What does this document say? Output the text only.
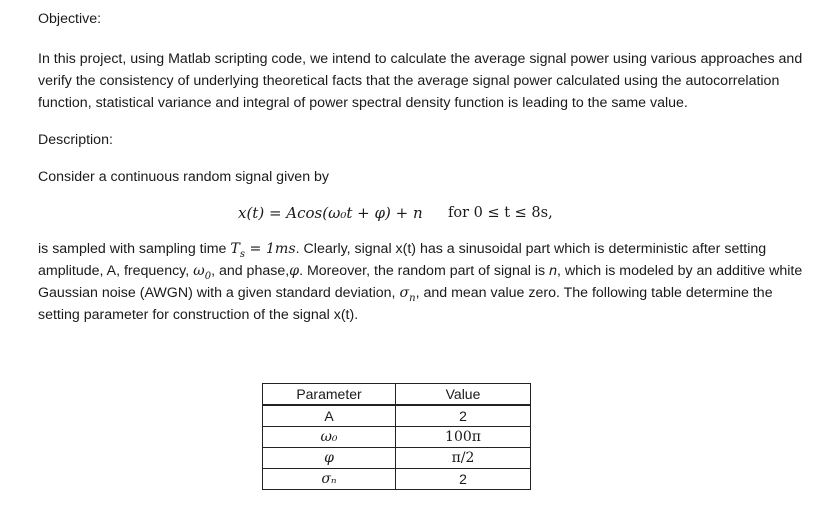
Objective:

In this project, using Matlab scripting code, we intend to calculate the average signal power using various approaches and verify the consistency of underlying theoretical facts that the average signal power calculated using the autocorrelation function, statistical variance and integral of power spectral density function is leading to the same value.

Description:

Consider a continuous random signal given by

x(t) = Acos(ω₀t + φ) + n for 0 ≤ t ≤ 8s,

is sampled with sampling time $T_s = 1ms$. Clearly, signal x(t) has a sinusoidal part which is deterministic after setting amplitude, A, frequency, $\omega_0$, and phase,φ. Moreover, the random part of signal is n, which is modeled by an additive white Gaussian noise (AWGN) with a given standard deviation, $\sigma_n$, and mean value zero. The following table determine the setting parameter for construction of the signal x(t).

Parameter	Value
A	2
ω₀	100π
φ	π/2
σₙ	2
